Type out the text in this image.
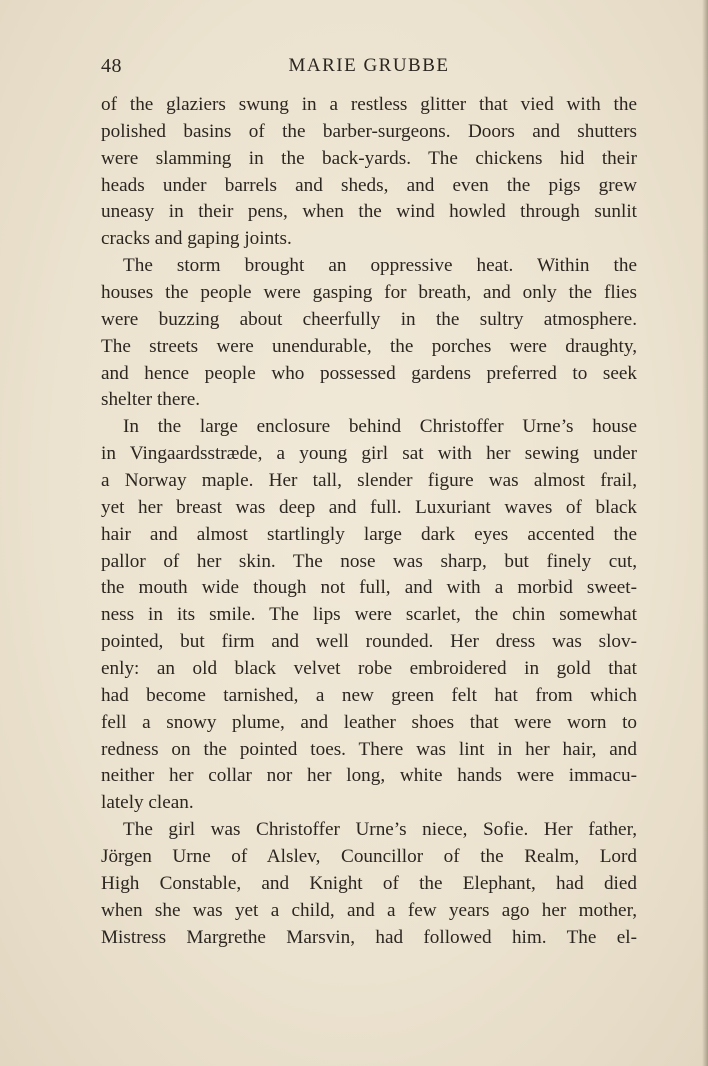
48	MARIE GRUBBE
of the glaziers swung in a restless glitter that vied with the
polished basins of the barber-surgeons. Doors and shutters
were slamming in the back-yards. The chickens hid their
heads under barrels and sheds, and even the pigs grew
uneasy in their pens, when the wind howled through sunlit
cracks and gaping joints.
The storm brought an oppressive heat. Within the
houses the people were gasping for breath, and only the flies
were buzzing about cheerfully in the sultry atmosphere.
The streets were unendurable, the porches were draughty,
and hence people who possessed gardens preferred to seek
shelter there.
In the large enclosure behind Christoffer Urne’s house
in Vingaardsstræde, a young girl sat with her sewing under
a Norway maple. Her tall, slender figure was almost frail,
yet her breast was deep and full. Luxuriant waves of black
hair and almost startlingly large dark eyes accented the
pallor of her skin. The nose was sharp, but finely cut,
the mouth wide though not full, and with a morbid sweet-
ness in its smile. The lips were scarlet, the chin somewhat
pointed, but firm and well rounded. Her dress was slov-
enly: an old black velvet robe embroidered in gold that
had become tarnished, a new green felt hat from which
fell a snowy plume, and leather shoes that were worn to
redness on the pointed toes. There was lint in her hair, and
neither her collar nor her long, white hands were immacu-
lately clean.
The girl was Christoffer Urne’s niece, Sofie. Her father,
Jörgen Urne of Alslev, Councillor of the Realm, Lord
High Constable, and Knight of the Elephant, had died
when she was yet a child, and a few years ago her mother,
Mistress Margrethe Marsvin, had followed him. The el-
